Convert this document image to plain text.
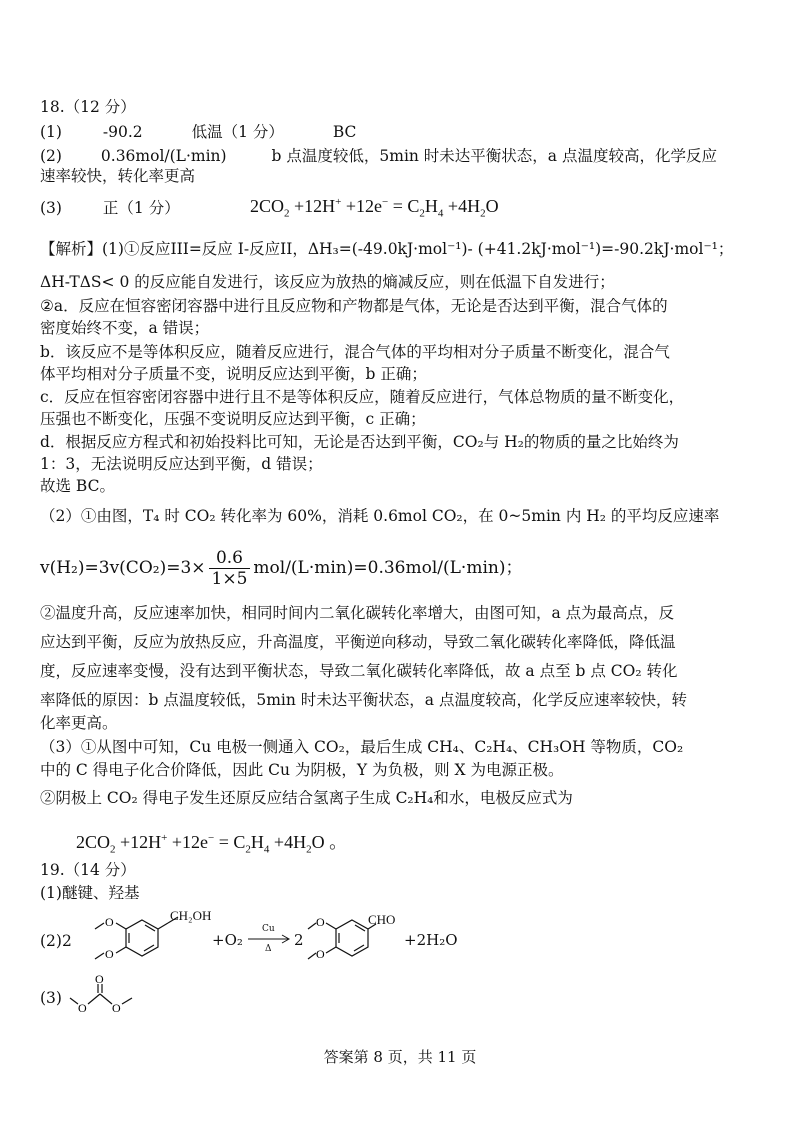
18.（12 分）
(1)	-90.2	低温（1 分）	BC
(2)	0.36mol/(L·min)	b 点温度较低，5min 时未达平衡状态，a 点温度较高，化学反应
速率较快，转化率更高
(3)	正（1 分）	$2CO_2 +12H^+ +12e^- = C_2H_4 +4H_2O$
【解析】(1)①反应III=反应 I-反应II，ΔH₃=(-49.0kJ·mol⁻¹)- (+41.2kJ·mol⁻¹)=-90.2kJ·mol⁻¹；
ΔH-TΔS< 0 的反应能自发进行，该反应为放热的熵减反应，则在低温下自发进行；
②a．反应在恒容密闭容器中进行且反应物和产物都是气体，无论是否达到平衡，混合气体的
密度始终不变，a 错误；
b．该反应不是等体积反应，随着反应进行，混合气体的平均相对分子质量不断变化，混合气
体平均相对分子质量不变，说明反应达到平衡，b 正确；
c．反应在恒容密闭容器中进行且不是等体积反应，随着反应进行，气体总物质的量不断变化，
压强也不断变化，压强不变说明反应达到平衡，c 正确；
d．根据反应方程式和初始投料比可知，无论是否达到平衡，CO₂与 H₂的物质的量之比始终为
1：3，无法说明反应达到平衡，d 错误；
故选 BC。
（2）①由图，T₄ 时 CO₂ 转化率为 60%，消耗 0.6mol CO₂，在 0~5min 内 H₂ 的平均反应速率
$v(H_2)=3v(CO_2)=3\times \frac{0.6}{1\times 5} mol/(L\cdot\min)=0.36mol/(L\cdot\min)$；
②温度升高，反应速率加快，相同时间内二氧化碳转化率增大，由图可知，a 点为最高点，反
应达到平衡，反应为放热反应，升高温度，平衡逆向移动，导致二氧化碳转化率降低，降低温
度，反应速率变慢，没有达到平衡状态，导致二氧化碳转化率降低，故 a 点至 b 点 CO₂ 转化
率降低的原因：b 点温度较低，5min 时未达平衡状态，a 点温度较高，化学反应速率较快，转
化率更高。
（3）①从图中可知，Cu 电极一侧通入 CO₂，最后生成 CH₄、C₂H₄、CH₃OH 等物质，CO₂
中的 C 得电子化合价降低，因此 Cu 为阴极，Y 为负极，则 X 为电源正极。
②阴极上 CO₂ 得电子发生还原反应结合氢离子生成 C₂H₄和水，电极反应式为
$2CO_2 +12H^+ +12e^- = C_2H_4 +4H_2O$ 。
19.（14 分）
(1)醚键、羟基
(2)2
O
O
CH₂OH
+O₂
Cu
Δ 2
O
O
CHO
+2H₂O
(3)
O
O
O
答案第 8 页，共 11 页
